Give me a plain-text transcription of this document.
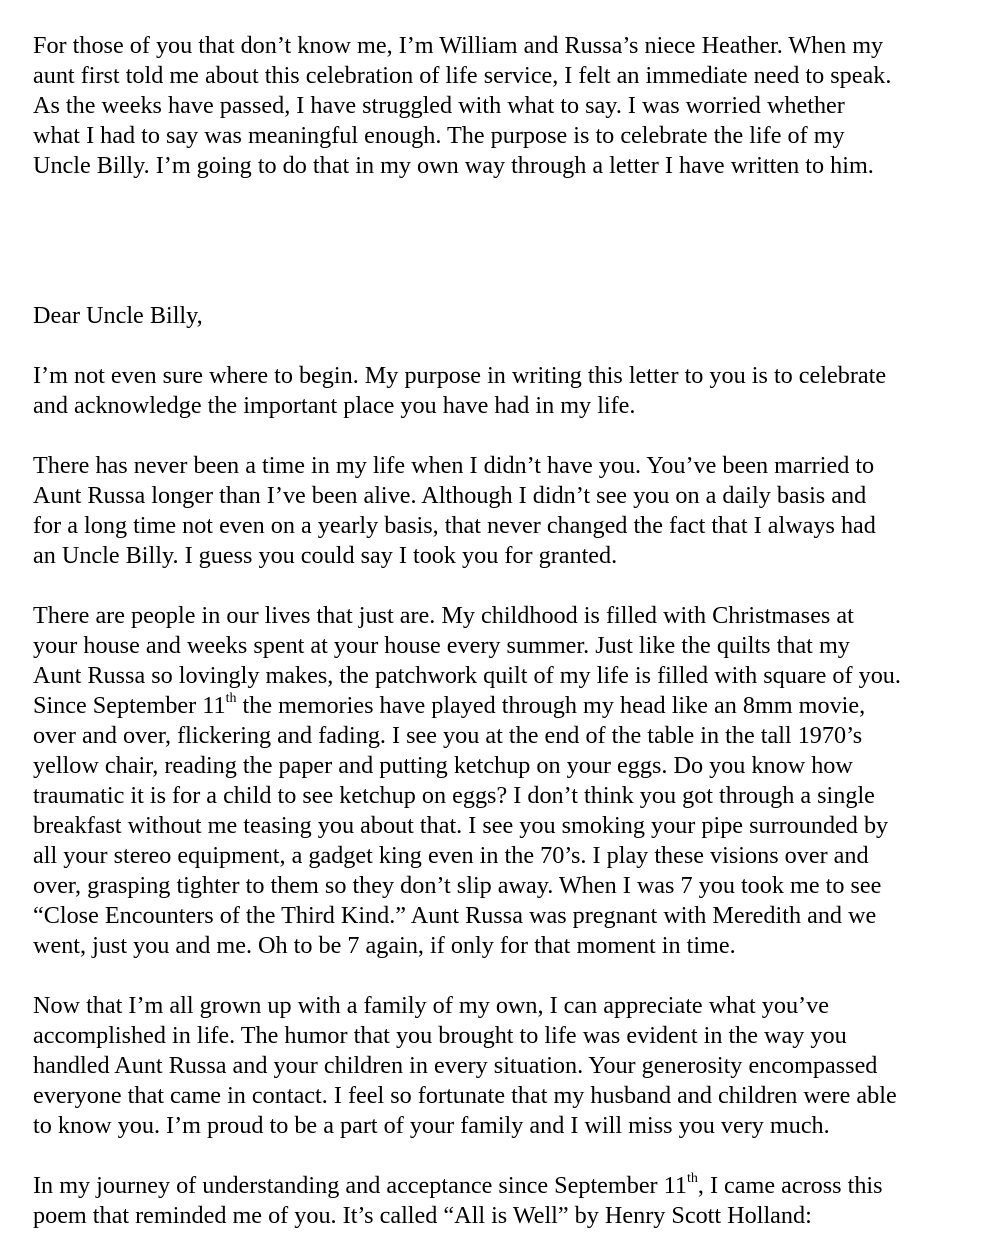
For those of you that don’t know me, I’m William and Russa’s niece Heather. When my
aunt first told me about this celebration of life service, I felt an immediate need to speak.
As the weeks have passed, I have struggled with what to say. I was worried whether
what I had to say was meaningful enough. The purpose is to celebrate the life of my
Uncle Billy. I’m going to do that in my own way through a letter I have written to him.
Dear Uncle Billy,
I’m not even sure where to begin. My purpose in writing this letter to you is to celebrate
and acknowledge the important place you have had in my life.
There has never been a time in my life when I didn’t have you. You’ve been married to
Aunt Russa longer than I’ve been alive. Although I didn’t see you on a daily basis and
for a long time not even on a yearly basis, that never changed the fact that I always had
an Uncle Billy. I guess you could say I took you for granted.
There are people in our lives that just are. My childhood is filled with Christmases at
your house and weeks spent at your house every summer. Just like the quilts that my
Aunt Russa so lovingly makes, the patchwork quilt of my life is filled with square of you.
Since September 11th the memories have played through my head like an 8mm movie,
over and over, flickering and fading. I see you at the end of the table in the tall 1970’s
yellow chair, reading the paper and putting ketchup on your eggs. Do you know how
traumatic it is for a child to see ketchup on eggs? I don’t think you got through a single
breakfast without me teasing you about that. I see you smoking your pipe surrounded by
all your stereo equipment, a gadget king even in the 70’s. I play these visions over and
over, grasping tighter to them so they don’t slip away. When I was 7 you took me to see
“Close Encounters of the Third Kind.” Aunt Russa was pregnant with Meredith and we
went, just you and me. Oh to be 7 again, if only for that moment in time.
Now that I’m all grown up with a family of my own, I can appreciate what you’ve
accomplished in life. The humor that you brought to life was evident in the way you
handled Aunt Russa and your children in every situation. Your generosity encompassed
everyone that came in contact. I feel so fortunate that my husband and children were able
to know you. I’m proud to be a part of your family and I will miss you very much.
In my journey of understanding and acceptance since September 11th, I came across this
poem that reminded me of you. It’s called “All is Well” by Henry Scott Holland:
